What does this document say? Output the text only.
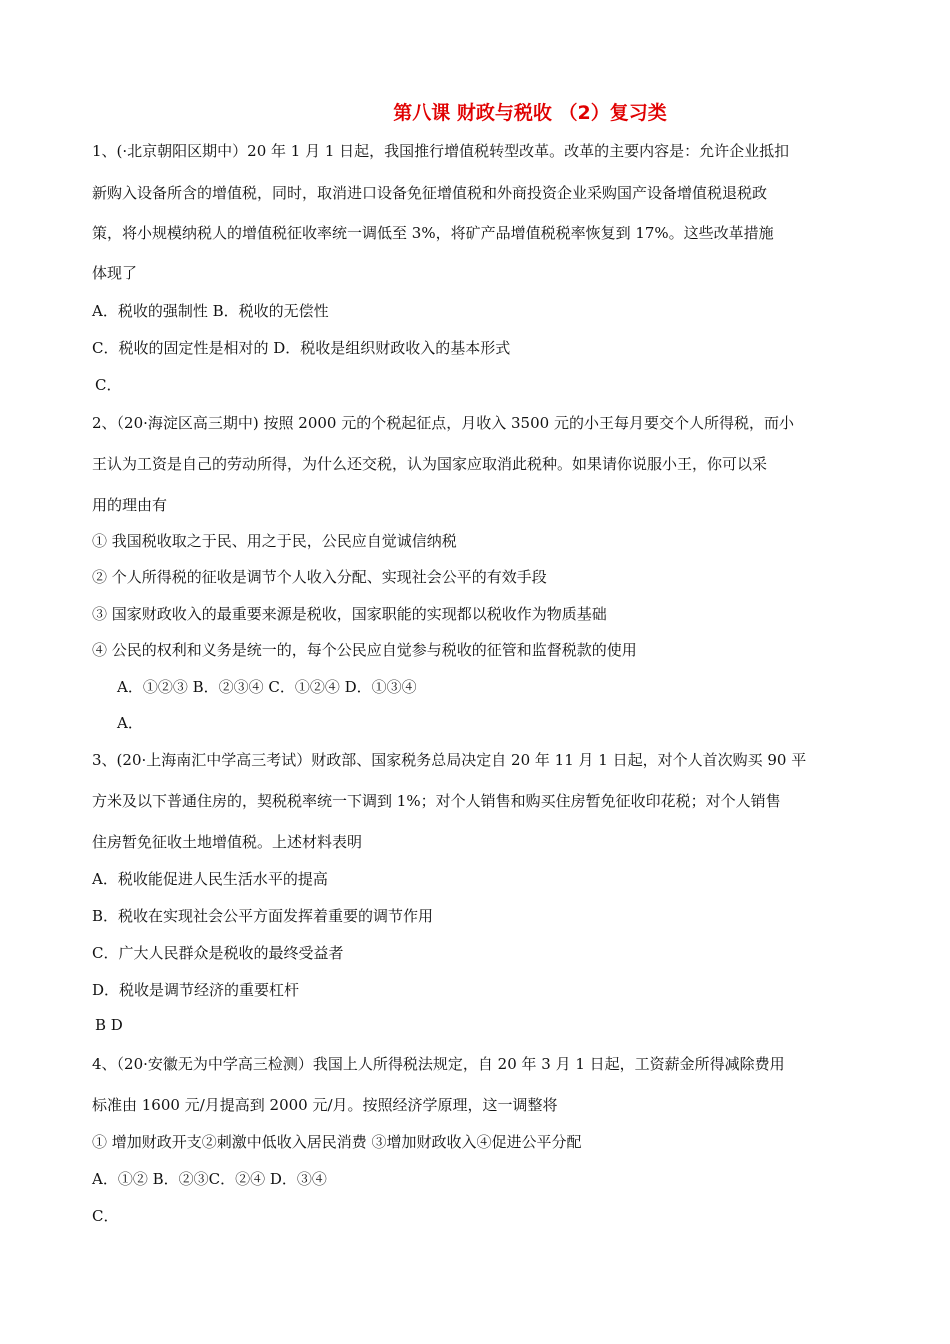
第八课 财政与税收 （2）复习类
1、(·北京朝阳区期中）20 年 1 月 1 日起，我国推行增值税转型改革。改革的主要内容是：允许企业抵扣
新购入设备所含的增值税，同时，取消进口设备免征增值税和外商投资企业采购国产设备增值税退税政
策，将小规模纳税人的增值税征收率统一调低至 3%，将矿产品增值税税率恢复到 17%。这些改革措施
体现了
A．税收的强制性 B．税收的无偿性
C．税收的固定性是相对的 D．税收是组织财政收入的基本形式
C．
2、（20·海淀区高三期中) 按照 2000 元的个税起征点，月收入 3500 元的小王每月要交个人所得税，而小
王认为工资是自己的劳动所得，为什么还交税，认为国家应取消此税种。如果请你说服小王，你可以采
用的理由有
① 我国税收取之于民、用之于民，公民应自觉诚信纳税
② 个人所得税的征收是调节个人收入分配、实现社会公平的有效手段
③ 国家财政收入的最重要来源是税收，国家职能的实现都以税收作为物质基础
④ 公民的权利和义务是统一的，每个公民应自觉参与税收的征管和监督税款的使用
A．①②③ B．②③④ C．①②④ D．①③④
A．
3、(20·上海南汇中学高三考试）财政部、国家税务总局决定自 20 年 11 月 1 日起，对个人首次购买 90 平
方米及以下普通住房的，契税税率统一下调到 1%；对个人销售和购买住房暂免征收印花税；对个人销售
住房暂免征收土地增值税。上述材料表明
A．税收能促进人民生活水平的提高
B．税收在实现社会公平方面发挥着重要的调节作用
C．广大人民群众是税收的最终受益者
D．税收是调节经济的重要杠杆
B D
4、（20·安徽无为中学高三检测）我国上人所得税法规定，自 20 年 3 月 1 日起，工资薪金所得减除费用
标准由 1600 元/月提高到 2000 元/月。按照经济学原理，这一调整将
① 增加财政开支②刺激中低收入居民消费 ③增加财政收入④促进公平分配
A．①② B．②③C．②④ D．③④
C．
